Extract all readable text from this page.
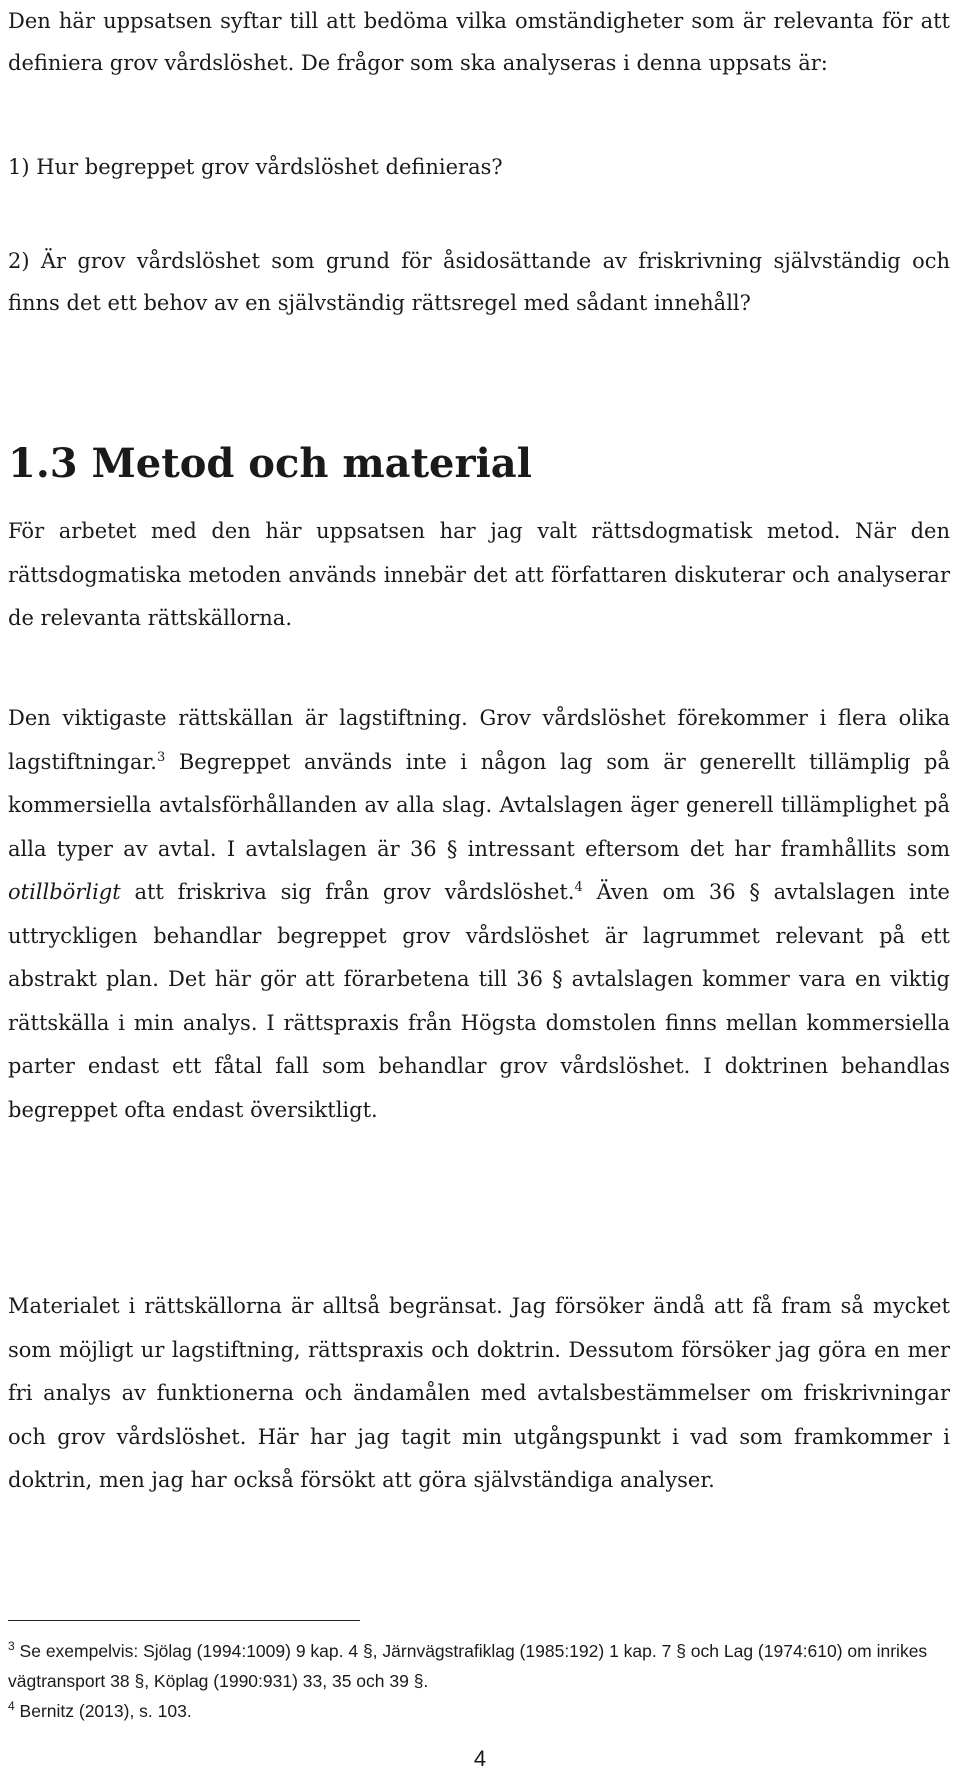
Den här uppsatsen syftar till att bedöma vilka omständigheter som är relevanta för att definiera grov vårdslöshet. De frågor som ska analyseras i denna uppsats är:

1) Hur begreppet grov vårdslöshet definieras?

2) Är grov vårdslöshet som grund för åsidosättande av friskrivning självständig och finns det ett behov av en självständig rättsregel med sådant innehåll?

1.3 Metod och material

För arbetet med den här uppsatsen har jag valt rättsdogmatisk metod. När den rättsdogmatiska metoden används innebär det att författaren diskuterar och analyserar de relevanta rättskällorna.

Den viktigaste rättskällan är lagstiftning. Grov vårdslöshet förekommer i flera olika lagstiftningar.$^3$ Begreppet används inte i någon lag som är generellt tillämplig på kommersiella avtalsförhållanden av alla slag. Avtalslagen äger generell tillämplighet på alla typer av avtal. I avtalslagen är 36 § intressant eftersom det har framhållits som otillbörligt att friskriva sig från grov vårdslöshet.$^4$ Även om 36 § avtalslagen inte uttryckligen behandlar begreppet grov vårdslöshet är lagrummet relevant på ett abstrakt plan. Det här gör att förarbetena till 36 § avtalslagen kommer vara en viktig rättskälla i min analys. I rättspraxis från Högsta domstolen finns mellan kommersiella parter endast ett fåtal fall som behandlar grov vårdslöshet. I doktrinen behandlas begreppet ofta endast översiktligt.

Materialet i rättskällorna är alltså begränsat. Jag försöker ändå att få fram så mycket som möjligt ur lagstiftning, rättspraxis och doktrin. Dessutom försöker jag göra en mer fri analys av funktionerna och ändamålen med avtalsbestämmelser om friskrivningar och grov vårdslöshet. Här har jag tagit min utgångspunkt i vad som framkommer i doktrin, men jag har också försökt att göra självständiga analyser.

$^3$ Se exempelvis: Sjölag (1994:1009) 9 kap. 4 §, Järnvägstrafiklag (1985:192) 1 kap. 7 § och Lag (1974:610) om inrikes vägtransport 38 §, Köplag (1990:931) 33, 35 och 39 §.

$^4$ Bernitz (2013), s. 103.

4
